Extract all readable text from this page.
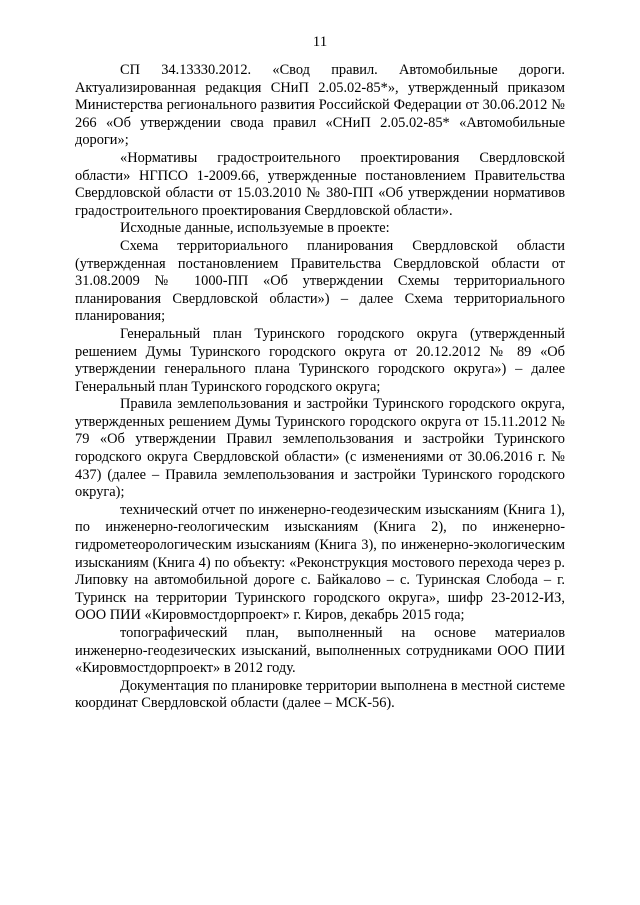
11

СП 34.13330.2012. «Свод правил. Автомобильные дороги. Актуализированная редакция СНиП 2.05.02-85*», утвержденный приказом Министерства регионального развития Российской Федерации от 30.06.2012 № 266 «Об утверждении свода правил «СНиП 2.05.02-85* «Автомобильные дороги»;

«Нормативы градостроительного проектирования Свердловской области» НГПСО 1-2009.66, утвержденные постановлением Правительства Свердловской области от 15.03.2010 № 380-ПП «Об утверждении нормативов градостроительного проектирования Свердловской области».

Исходные данные, используемые в проекте:

Схема территориального планирования Свердловской области (утвержденная постановлением Правительства Свердловской области от 31.08.2009 № 1000-ПП «Об утверждении Схемы территориального планирования Свердловской области») – далее Схема территориального планирования;

Генеральный план Туринского городского округа (утвержденный решением Думы Туринского городского округа от 20.12.2012 № 89 «Об утверждении генерального плана Туринского городского округа») – далее Генеральный план Туринского городского округа;

Правила землепользования и застройки Туринского городского округа, утвержденных решением Думы Туринского городского округа от 15.11.2012 № 79 «Об утверждении Правил землепользования и застройки Туринского городского округа Свердловской области» (с изменениями от 30.06.2016 г. № 437) (далее – Правила землепользования и застройки Туринского городского округа);

технический отчет по инженерно-геодезическим изысканиям (Книга 1), по инженерно-геологическим изысканиям (Книга 2), по инженерно-гидрометеорологическим изысканиям (Книга 3), по инженерно-экологическим изысканиям (Книга 4) по объекту: «Реконструкция мостового перехода через р. Липовку на автомобильной дороге с. Байкалово – с. Туринская Слобода – г. Туринск на территории Туринского городского округа», шифр 23-2012-ИЗ, ООО ПИИ «Кировмостдорпроект» г. Киров, декабрь 2015 года;

топографический план, выполненный на основе материалов инженерно-геодезических изысканий, выполненных сотрудниками ООО ПИИ «Кировмостдорпроект» в 2012 году.

Документация по планировке территории выполнена в местной системе координат Свердловской области (далее – МСК-56).
